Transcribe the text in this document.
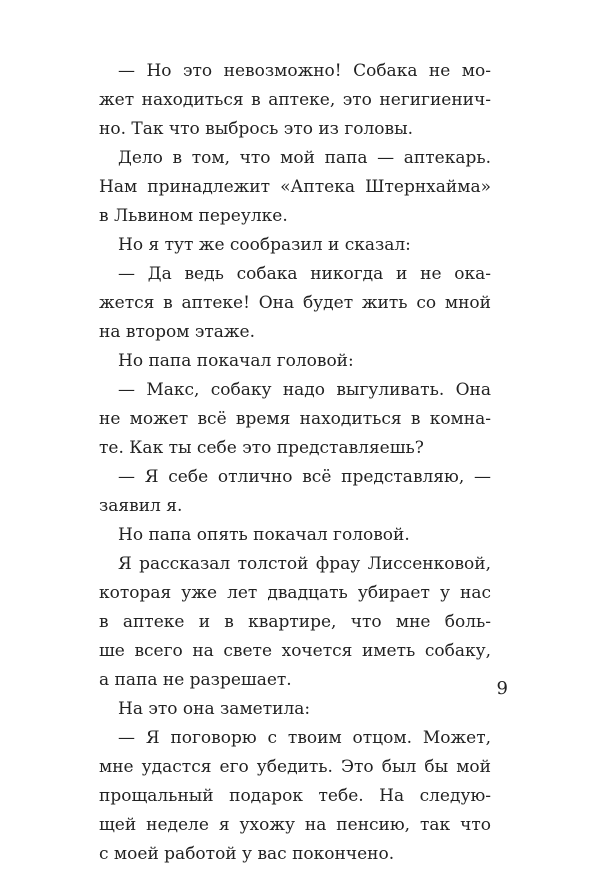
— Но это невозможно! Собака не мо-
жет находиться в аптеке, это негигиенич-
но. Так что выбрось это из головы.
Дело в том, что мой папа — аптекарь.
Нам принадлежит «Аптека Штернхайма»
в Львином переулке.
Но я тут же сообразил и сказал:
— Да ведь собака никогда и не ока-
жется в аптеке! Она будет жить со мной
на втором этаже.
Но папа покачал головой:
— Макс, собаку надо выгуливать. Она
не может всё время находиться в комна-
те. Как ты себе это представляешь?
— Я себе отлично всё представляю, —
заявил я.
Но папа опять покачал головой.
Я рассказал толстой фрау Лиссенковой,
которая уже лет двадцать убирает у нас
в аптеке и в квартире, что мне боль-
ше всего на свете хочется иметь собаку,
а папа не разрешает.
На это она заметила:
— Я поговорю с твоим отцом. Может,
мне удастся его убедить. Это был бы мой
прощальный подарок тебе. На следую-
щей неделе я ухожу на пенсию, так что
с моей работой у вас покончено.
9
